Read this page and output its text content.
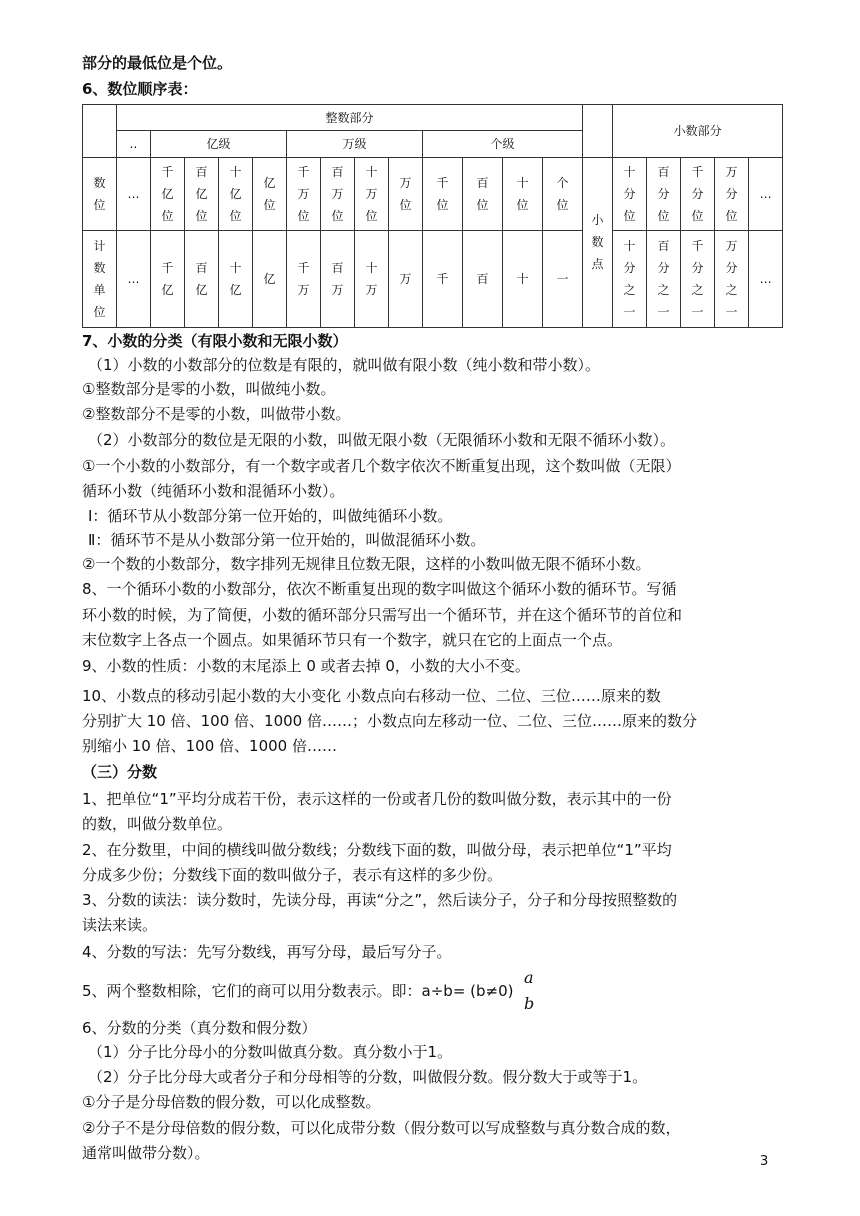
部分的最低位是个位。
6、数位顺序表：
	整数部分														小数部分				
	..	亿级				万级				个级									
数位	…	千亿位	百亿位	十亿位	亿位	千万位	百万位	十万位	万位	千位	百位	十位	个位	小数点	十分位	百分位	千分位	万分位	…
计数单位	…	千亿	百亿	十亿	亿	千万	百万	十万	万	千	百	十	一		十分之一	百分之一	千分之一	万分之一	…
7、小数的分类（有限小数和无限小数）
（1）小数的小数部分的位数是有限的，就叫做有限小数（纯小数和带小数）。
①整数部分是零的小数，叫做纯小数。
②整数部分不是零的小数，叫做带小数。
（2）小数部分的数位是无限的小数，叫做无限小数（无限循环小数和无限不循环小数）。
①一个小数的小数部分，有一个数字或者几个数字依次不断重复出现，这个数叫做（无限）
循环小数（纯循环小数和混循环小数）。
Ⅰ：循环节从小数部分第一位开始的，叫做纯循环小数。
Ⅱ：循环节不是从小数部分第一位开始的，叫做混循环小数。
②一个数的小数部分，数字排列无规律且位数无限，这样的小数叫做无限不循环小数。
8、一个循环小数的小数部分，依次不断重复出现的数字叫做这个循环小数的循环节。写循
环小数的时候，为了简便，小数的循环部分只需写出一个循环节，并在这个循环节的首位和
末位数字上各点一个圆点。如果循环节只有一个数字，就只在它的上面点一个点。
9、小数的性质：小数的末尾添上 0 或者去掉 0，小数的大小不变。
10、小数点的移动引起小数的大小变化 小数点向右移动一位、二位、三位……原来的数
分别扩大 10 倍、100 倍、1000 倍……；小数点向左移动一位、二位、三位……原来的数分
别缩小 10 倍、100 倍、1000 倍……
（三）分数
1、把单位“1”平均分成若干份，表示这样的一份或者几份的数叫做分数，表示其中的一份
的数，叫做分数单位。
2、在分数里，中间的横线叫做分数线；分数线下面的数，叫做分母，表示把单位“1”平均
分成多少份；分数线下面的数叫做分子，表示有这样的多少份。
3、分数的读法：读分数时，先读分母，再读“分之”，然后读分子，分子和分母按照整数的
读法来读。
4、分数的写法：先写分数线，再写分母，最后写分子。
5、两个整数相除，它们的商可以用分数表示。即：a÷b= (b≠0)
a
b
6、分数的分类（真分数和假分数）
（1）分子比分母小的分数叫做真分数。真分数小于1。
（2）分子比分母大或者分子和分母相等的分数，叫做假分数。假分数大于或等于1。
①分子是分母倍数的假分数，可以化成整数。
②分子不是分母倍数的假分数，可以化成带分数（假分数可以写成整数与真分数合成的数，
通常叫做带分数）。	3
